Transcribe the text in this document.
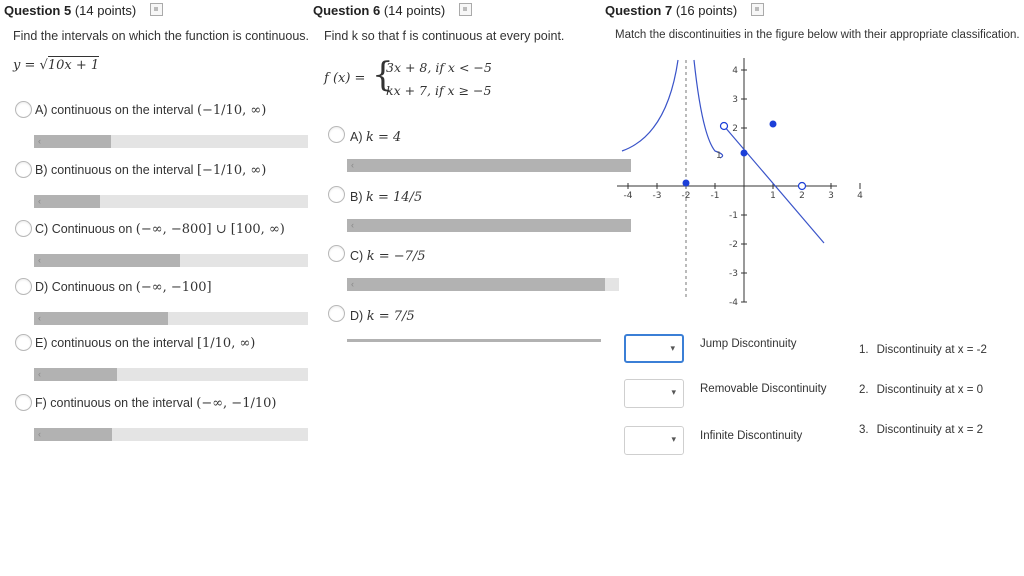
Question 5 (14 points)
Find the intervals on which the function is continuous.
y = √10x + 1
A) continuous on the interval (−1/10, ∞)
‹
B) continuous on the interval [−1/10, ∞)
‹
C) Continuous on (−∞, −800] ∪ [100, ∞)
‹
D) Continuous on (−∞, −100]
‹
E) continuous on the interval [1/10, ∞)
‹
F) continuous on the interval (−∞, −1/10)
‹
Question 6 (14 points)
Find k so that f is continuous at every point.
f (x) = {
3x + 8, if x < −5
kx + 7, if x ≥ −5
A) k = 4
‹
B) k = 14/5
‹
C) k = −7/5
‹
D) k = 7/5
Question 7 (16 points)
Match the discontinuities in the figure below with their appropriate classification.
-4 -3 -2 -1	1	2	3	4
4
3
2
-1
-2
-3
-4
1
▾ Jump Discontinuity
▾ Removable Discontinuity
▾ Infinite Discontinuity
1. Discontinuity at x = -2
2. Discontinuity at x = 0
3. Discontinuity at x = 2
